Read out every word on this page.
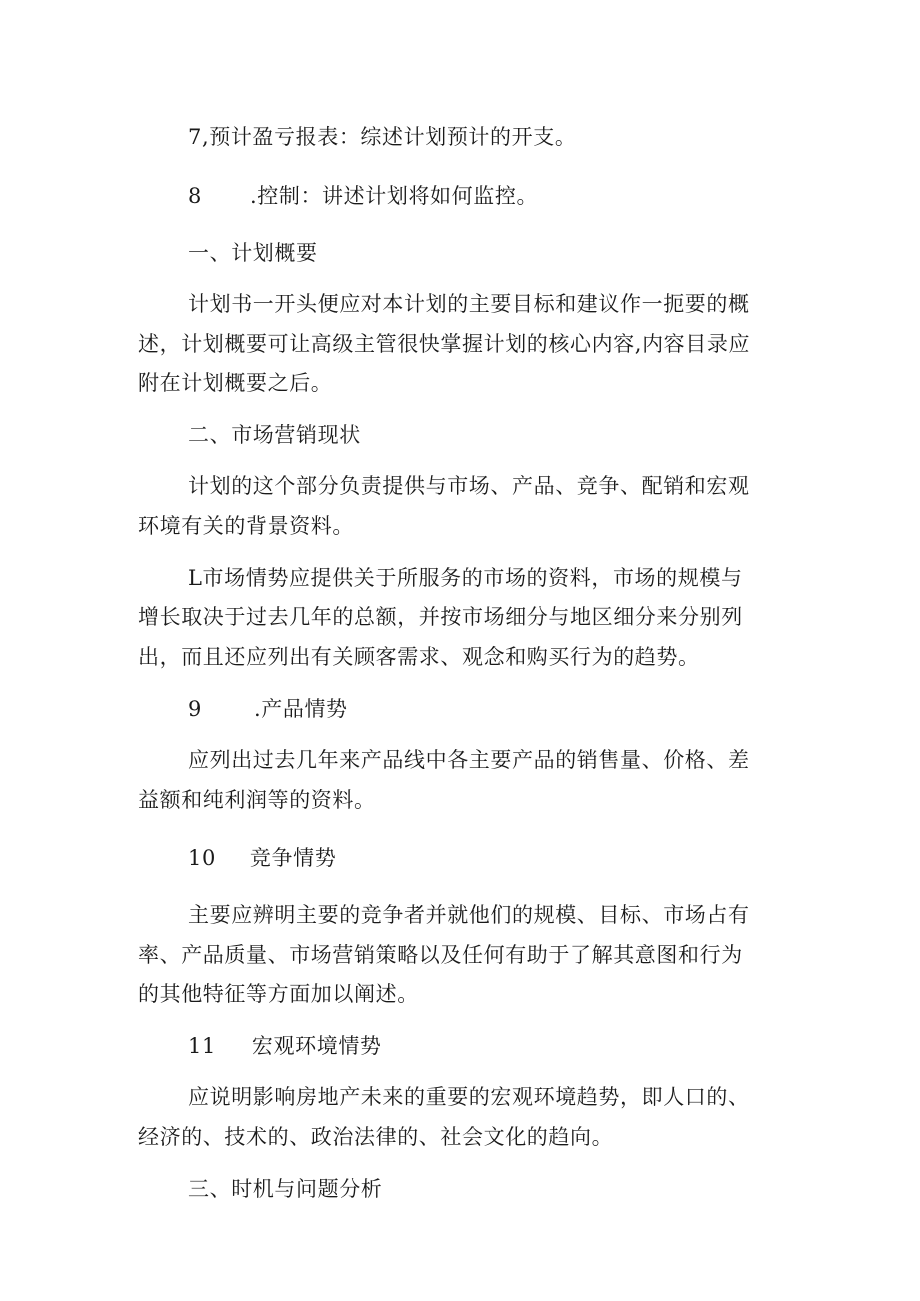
7,预计盈亏报表：综述计划预计的开支。
8 .控制：讲述计划将如何监控。
一、计划概要
计划书一开头便应对本计划的主要目标和建议作一扼要的概
述，计划概要可让高级主管很快掌握计划的核心内容,内容目录应
附在计划概要之后。
二、市场营销现状
计划的这个部分负责提供与市场、产品、竞争、配销和宏观
环境有关的背景资料。
L市场情势应提供关于所服务的市场的资料，市场的规模与
增长取决于过去几年的总额，并按市场细分与地区细分来分别列
出，而且还应列出有关顾客需求、观念和购买行为的趋势。
9 .产品情势
应列出过去几年来产品线中各主要产品的销售量、价格、差
益额和纯利润等的资料。
10 竞争情势
主要应辨明主要的竞争者并就他们的规模、目标、市场占有
率、产品质量、市场营销策略以及任何有助于了解其意图和行为
的其他特征等方面加以阐述。
11 宏观环境情势
应说明影响房地产未来的重要的宏观环境趋势，即人口的、
经济的、技术的、政治法律的、社会文化的趋向。
三、时机与问题分析
